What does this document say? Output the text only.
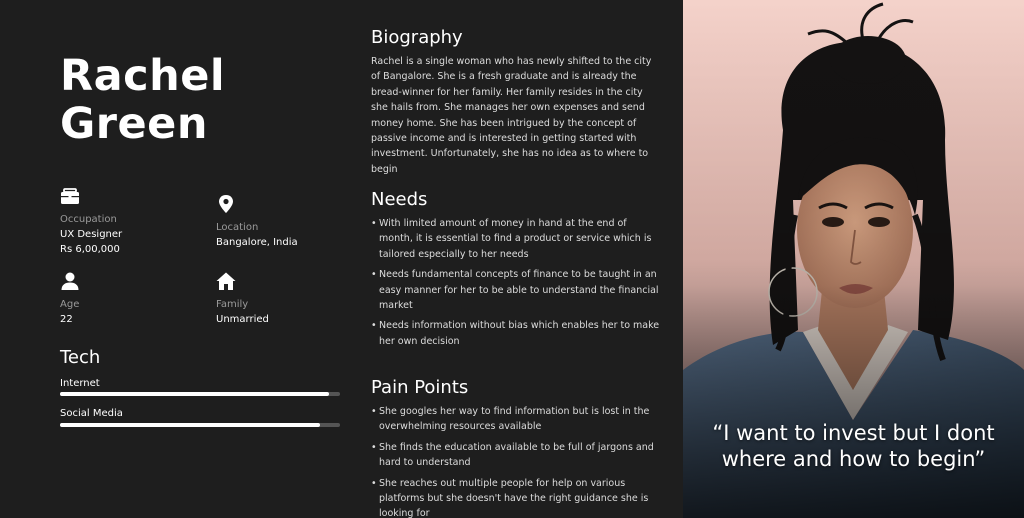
Rachel
Green
Occupation
UX Designer
Rs 6,00,000
Location
Bangalore, India
Age
22
Family
Unmarried
Tech
Internet
Social Media
Biography

Rachel is a single woman who has newly shifted to the city of Bangalore. She is a fresh graduate and is already the bread-winner for her family. Her family resides in the city she hails from. She manages her own expenses and send money home. She has been intrigued by the concept of passive income and is interested in getting started with investment. Unfortunately, she has no idea as to where to begin

Needs
• With limited amount of money in hand at the end of month, it is essential to find a product or service which is tailored especially to her needs
• Needs fundamental concepts of finance to be taught in an easy manner for her to be able to understand the financial market
• Needs information without bias which enables her to make her own decision
Pain Points
• She googles her way to find information but is lost in the overwhelming resources available
• She finds the education available to be full of jargons and hard to understand
• She reaches out multiple people for help on various platforms but she doesn't have the right guidance she is looking for
“I want to invest but I dont
where and how to begin”
